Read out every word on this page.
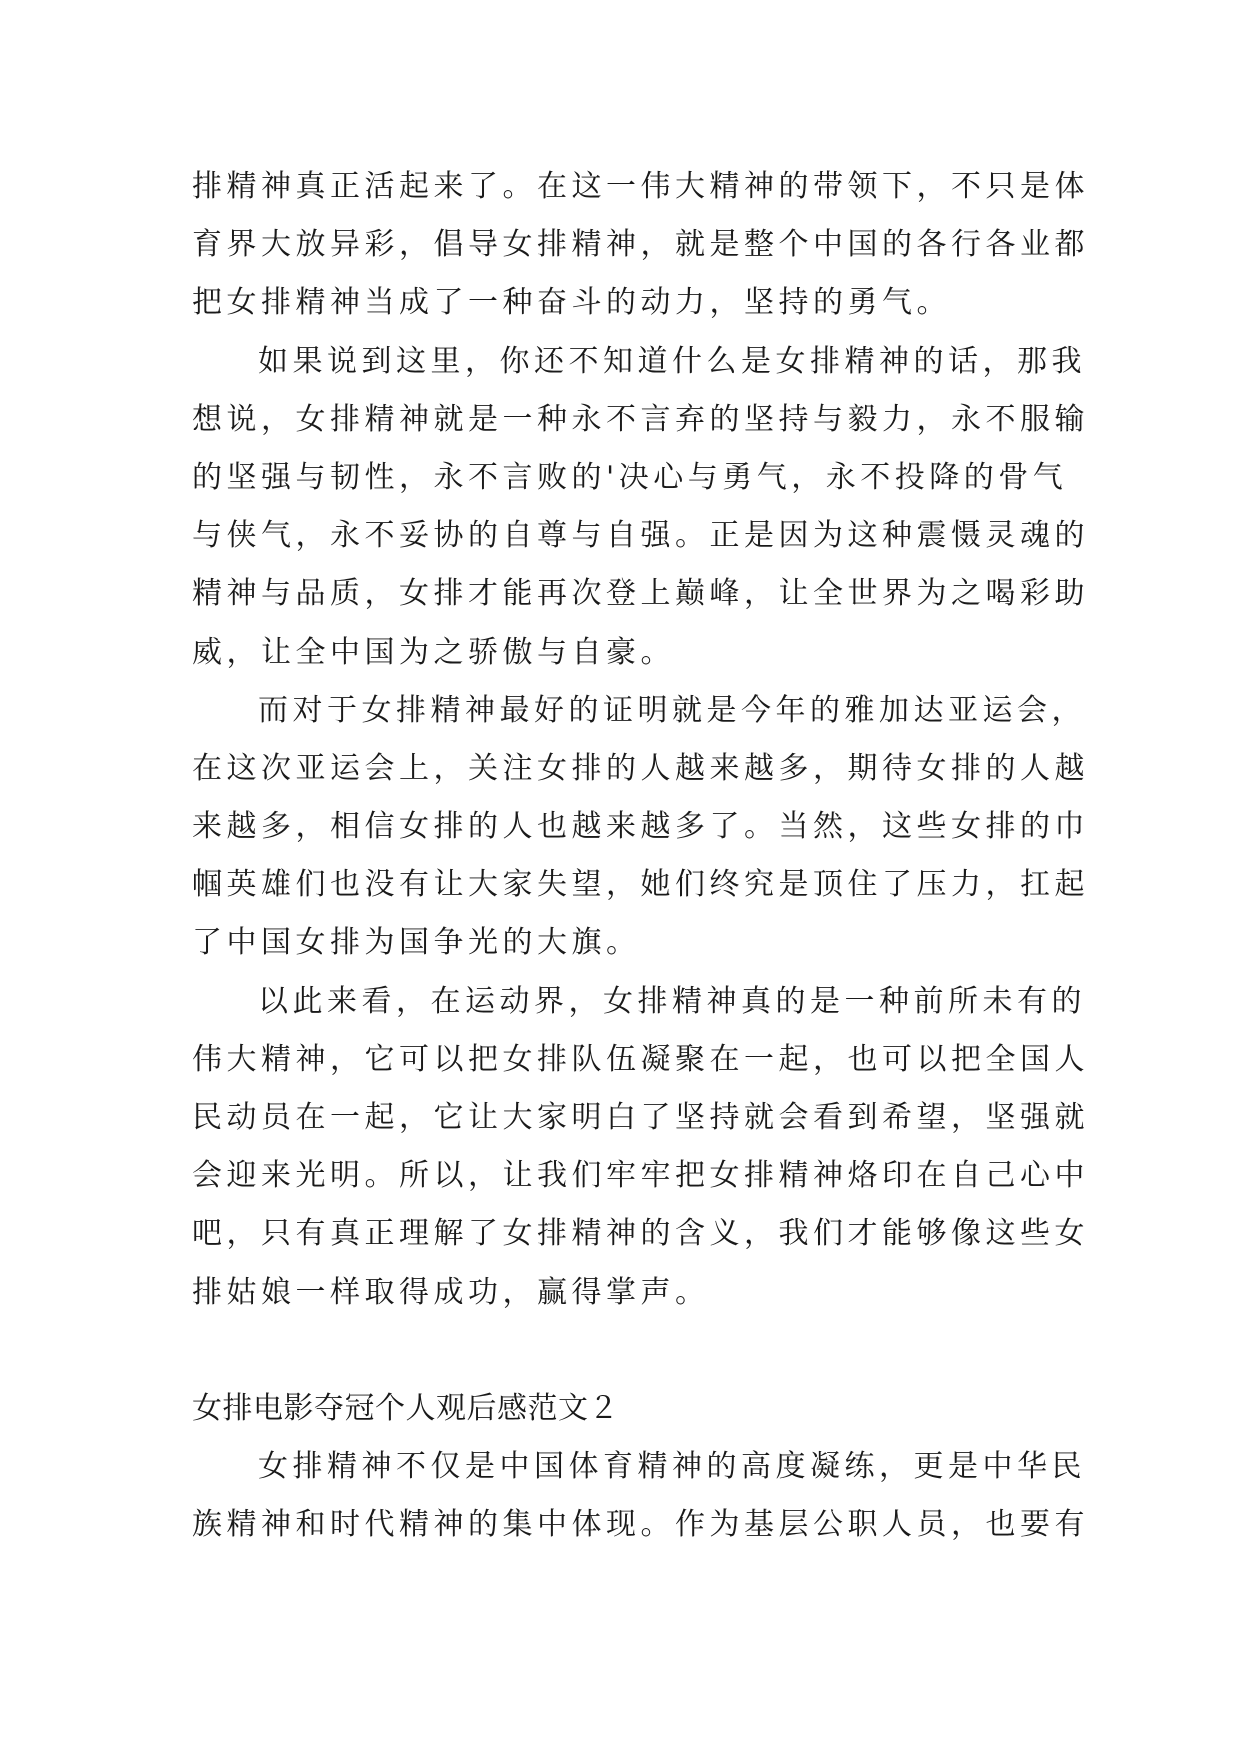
排精神真正活起来了。在这一伟大精神的带领下，不只是体
育界大放异彩，倡导女排精神，就是整个中国的各行各业都
把女排精神当成了一种奋斗的动力，坚持的勇气。
如果说到这里，你还不知道什么是女排精神的话，那我
想说，女排精神就是一种永不言弃的坚持与毅力，永不服输
的坚强与韧性，永不言败的'决心与勇气，永不投降的骨气
与侠气，永不妥协的自尊与自强。正是因为这种震慑灵魂的
精神与品质，女排才能再次登上巅峰，让全世界为之喝彩助
威，让全中国为之骄傲与自豪。
而对于女排精神最好的证明就是今年的雅加达亚运会，
在这次亚运会上，关注女排的人越来越多，期待女排的人越
来越多，相信女排的人也越来越多了。当然，这些女排的巾
帼英雄们也没有让大家失望，她们终究是顶住了压力，扛起
了中国女排为国争光的大旗。
以此来看，在运动界，女排精神真的是一种前所未有的
伟大精神，它可以把女排队伍凝聚在一起，也可以把全国人
民动员在一起，它让大家明白了坚持就会看到希望，坚强就
会迎来光明。所以，让我们牢牢把女排精神烙印在自己心中
吧，只有真正理解了女排精神的含义，我们才能够像这些女
排姑娘一样取得成功，赢得掌声。
女排电影夺冠个人观后感范文２
女排精神不仅是中国体育精神的高度凝练，更是中华民
族精神和时代精神的集中体现。作为基层公职人员，也要有
